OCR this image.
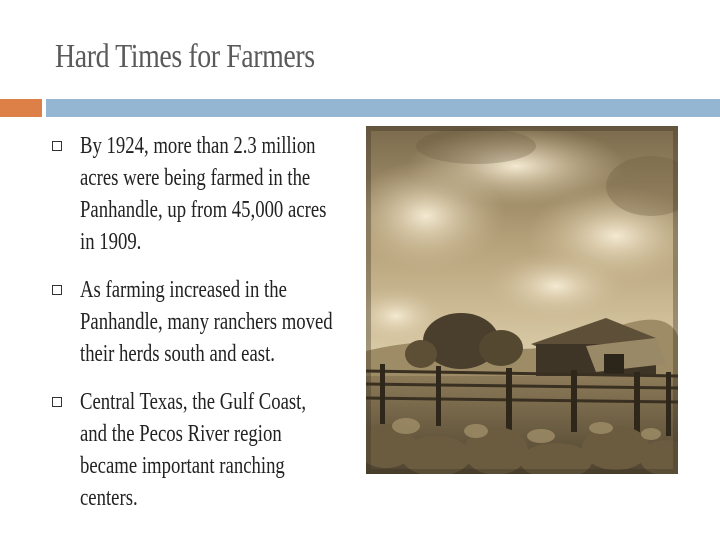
Hard Times for Farmers
By 1924, more than 2.3 million acres were being farmed in the Panhandle, up from 45,000 acres in 1909.
As farming increased in the Panhandle, many ranchers moved their herds south and east.
Central Texas, the Gulf Coast, and the Pecos River region became important ranching centers.
